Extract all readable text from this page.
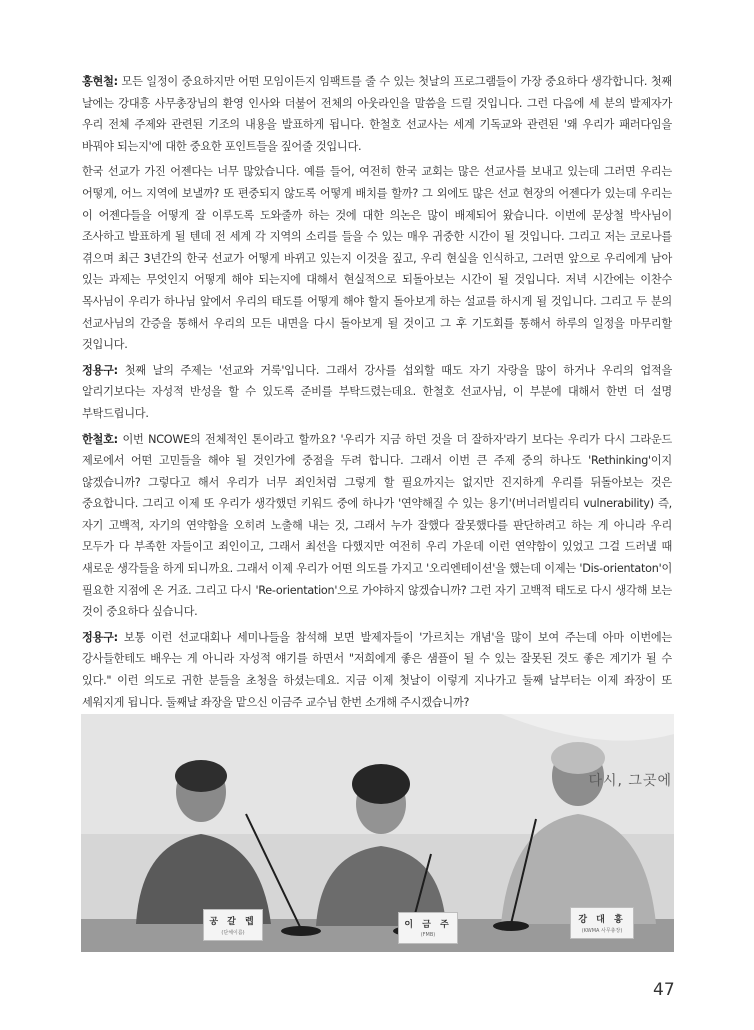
홍현철: 모든 일정이 중요하지만 어떤 모임이든지 임팩트를 줄 수 있는 첫날의 프로그램들이 가장 중요하다 생각합니다. 첫째 날에는 강대흥 사무총장님의 환영 인사와 더불어 전체의 아웃라인을 말씀을 드릴 것입니다. 그런 다음에 세 분의 발제자가 우리 전체 주제와 관련된 기조의 내용을 발표하게 됩니다. 한철호 선교사는 세계 기독교와 관련된 '왜 우리가 패러다임을 바꿔야 되는지'에 대한 중요한 포인트들을 짚어줄 것입니다.

한국 선교가 가진 어젠다는 너무 많았습니다. 예를 들어, 여전히 한국 교회는 많은 선교사를 보내고 있는데 그러면 우리는 어떻게, 어느 지역에 보낼까? 또 편중되지 않도록 어떻게 배치를 할까? 그 외에도 많은 선교 현장의 어젠다가 있는데 우리는 이 어젠다들을 어떻게 잘 이루도록 도와줄까 하는 것에 대한 의논은 많이 배제되어 왔습니다. 이번에 문상철 박사님이 조사하고 발표하게 될 텐데 전 세계 각 지역의 소리를 들을 수 있는 매우 귀중한 시간이 될 것입니다. 그리고 저는 코로나를 겪으며 최근 3년간의 한국 선교가 어떻게 바뀌고 있는지 이것을 짚고, 우리 현실을 인식하고, 그러면 앞으로 우리에게 남아 있는 과제는 무엇인지 어떻게 해야 되는지에 대해서 현실적으로 되돌아보는 시간이 될 것입니다. 저녁 시간에는 이찬수 목사님이 우리가 하나님 앞에서 우리의 태도를 어떻게 해야 할지 돌아보게 하는 설교를 하시게 될 것입니다. 그리고 두 분의 선교사님의 간증을 통해서 우리의 모든 내면을 다시 돌아보게 될 것이고 그 후 기도회를 통해서 하루의 일정을 마무리할 것입니다.

정용구: 첫째 날의 주제는 '선교와 거룩'입니다. 그래서 강사를 섭외할 때도 자기 자랑을 많이 하거나 우리의 업적을 알리기보다는 자성적 반성을 할 수 있도록 준비를 부탁드렸는데요. 한철호 선교사님, 이 부분에 대해서 한번 더 설명 부탁드립니다.

한철호: 이번 NCOWE의 전체적인 톤이라고 할까요? '우리가 지금 하던 것을 더 잘하자'라기 보다는 우리가 다시 그라운드 제로에서 어떤 고민들을 해야 될 것인가에 중점을 두려 합니다. 그래서 이번 큰 주제 중의 하나도 'Rethinking'이지 않겠습니까? 그렇다고 해서 우리가 너무 죄인처럼 그렇게 할 필요까지는 없지만 진지하게 우리를 뒤돌아보는 것은 중요합니다. 그리고 이제 또 우리가 생각했던 키워드 중에 하나가 '연약해질 수 있는 용기'(버너러빌리티 vulnerability) 즉, 자기 고백적, 자기의 연약함을 오히려 노출해 내는 것, 그래서 누가 잘했다 잘못했다를 판단하려고 하는 게 아니라 우리 모두가 다 부족한 자들이고 죄인이고, 그래서 최선을 다했지만 여전히 우리 가운데 이런 연약함이 있었고 그걸 드러낼 때 새로운 생각들을 하게 되니까요. 그래서 이제 우리가 어떤 의도를 가지고 '오리엔테이션'을 했는데 이제는 'Dis-orientaton'이 필요한 지점에 온 거죠. 그리고 다시 'Re-orientation'으로 가야하지 않겠습니까? 그런 자기 고백적 태도로 다시 생각해 보는 것이 중요하다 싶습니다.

정용구: 보통 이런 선교대회나 세미나들을 참석해 보면 발제자들이 '가르치는 개념'을 많이 보여 주는데 아마 이번에는 강사들한테도 배우는 게 아니라 자성적 얘기를 하면서 "저희에게 좋은 샘플이 될 수 있는 잘못된 것도 좋은 계기가 될 수 있다." 이런 의도로 귀한 분들을 초청을 하셨는데요. 지금 이제 첫날이 이렇게 지나가고 둘째 날부터는 이제 좌장이 또 세워지게 됩니다. 둘째날 좌장을 맡으신 이금주 교수님 한번 소개해 주시겠습니까?

다시, 그곳에
공 갈 렙
(단체이름)
이 금 주
(FMB)
강 대 흥
(KWMA 사무총장)
47
